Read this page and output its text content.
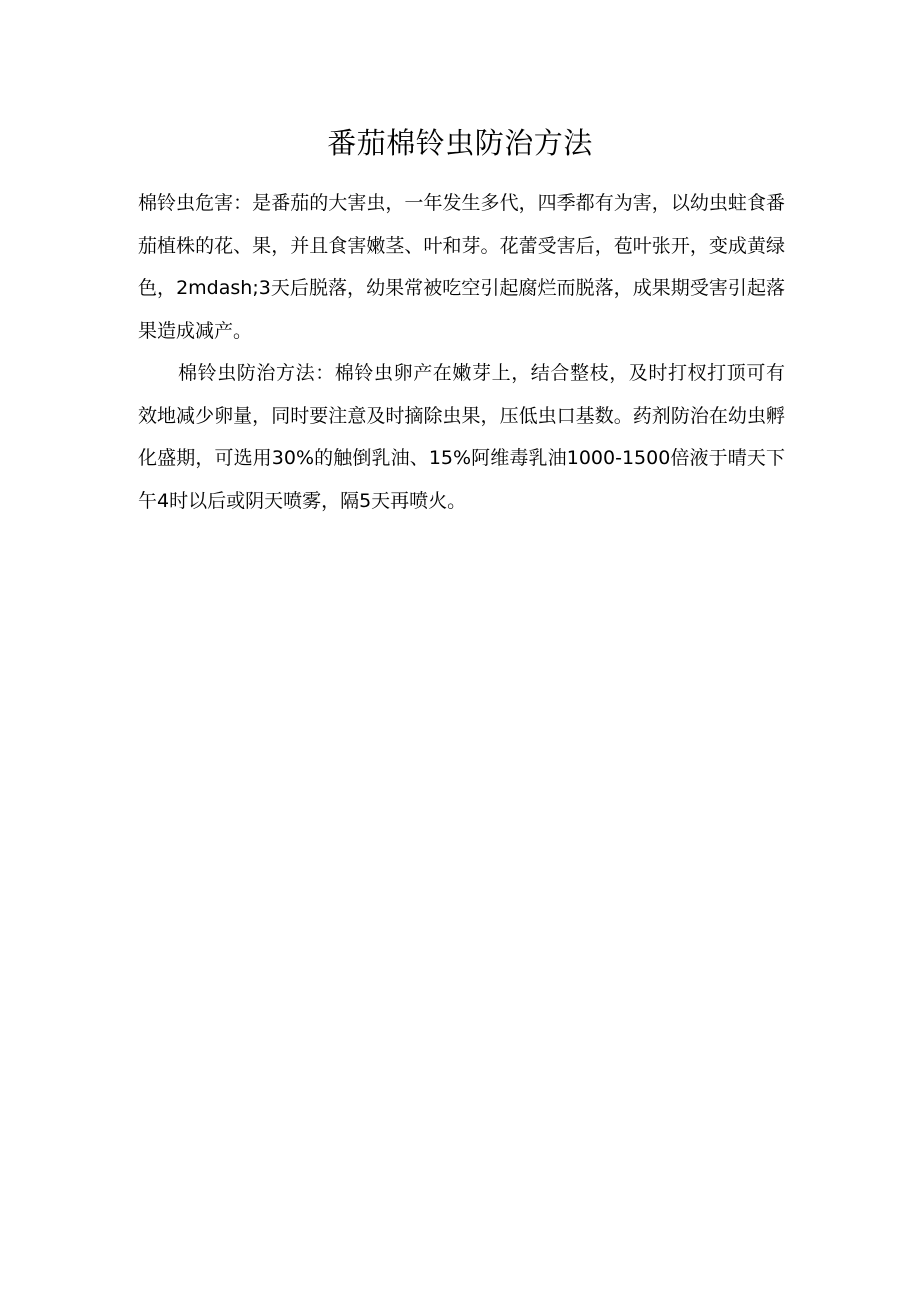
番茄棉铃虫防治方法

棉铃虫危害：是番茄的大害虫，一年发生多代，四季都有为害，以幼虫蛀食番茄植株的花、果，并且食害嫩茎、叶和芽。花蕾受害后，苞叶张开，变成黄绿色，2mdash;3天后脱落，幼果常被吃空引起腐烂而脱落，成果期受害引起落果造成减产。

棉铃虫防治方法：棉铃虫卵产在嫩芽上，结合整枝，及时打杈打顶可有效地减少卵量，同时要注意及时摘除虫果，压低虫口基数。药剂防治在幼虫孵化盛期，可选用30%的触倒乳油、15%阿维毒乳油1000-1500倍液于晴天下午4时以后或阴天喷雾，隔5天再喷火。
